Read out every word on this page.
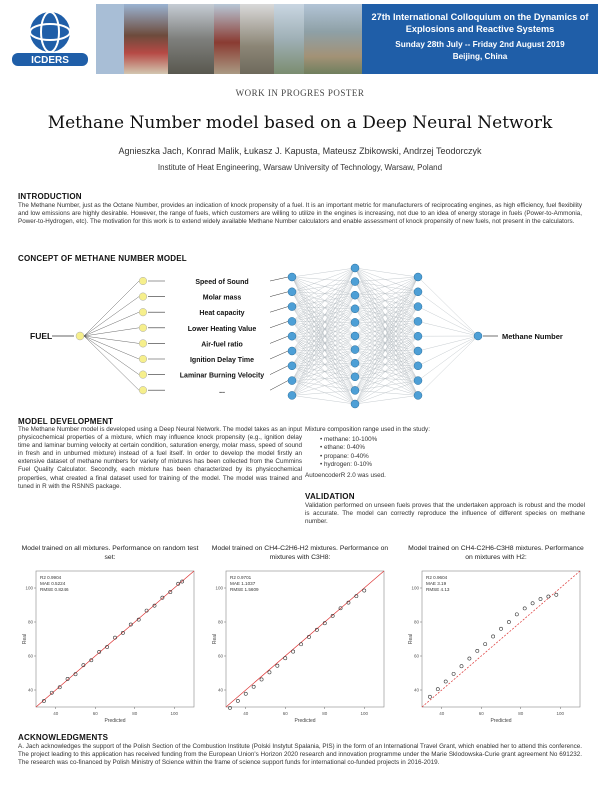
ICDERS
27th International Colloquium on the Dynamics of Explosions and Reactive Systems
Sunday 28th July -- Friday 2nd August 2019
Beijing, China
WORK IN PROGRES POSTER
Methane Number model based on a Deep Neural Network
Agnieszka Jach, Konrad Malik, Łukasz J. Kapusta, Mateusz Zbikowski, Andrzej Teodorczyk
Institute of Heat Engineering, Warsaw University of Technology, Warsaw, Poland
INTRODUCTION
The Methane Number, just as the Octane Number, provides an indication of knock propensity of a fuel. It is an important metric for manufacturers of reciprocating engines, as high efficiency, fuel flexibility and low emissions are highly desirable. However, the range of fuels, which customers are willing to utilize in the engines is increasing, not due to an idea of energy storage in fuels (Power-to-Ammonia, Power-to-Hydrogen, etc). The motivation for this work is to extend widely available Methane Number calculators and enable assessment of knock propensity of new fuels, not present in the calculators.
CONCEPT OF METHANE NUMBER MODEL
FUEL
Speed of Sound
Molar mass
Heat capacity
Lower Heating Value
Air-fuel ratio
Ignition Delay Time
Laminar Burning Velocity
...
Methane Number
MODEL DEVELOPMENT
The Methane Number model is developed using a Deep Neural Network. The model takes as an input physicochemical properties of a mixture, which may influence knock propensity (e.g., ignition delay time and laminar burning velocity at certain condition, saturation energy, molar mass, speed of sound in fresh and in unburned mixture) instead of a fuel itself. In order to develop the model firstly an extensive dataset of methane numbers for variety of mixtures has been collected from the Cummins Fuel Quality Calculator. Secondly, each mixture has been characterized by its physicochemical properties, what created a final dataset used for training of the model. The model was trained and tuned in R with the RSNNS package.
Mixture composition range used in the study:
• methane: 10-100%
• ethane: 0-40%
• propane: 0-40%
• hydrogen: 0-10%
AutoencoderR 2.0 was used.
VALIDATION
Validation performed on unseen fuels proves that the undertaken approach is robust and the model is accurate. The model can correctly reproduce the influence of different species on methane number.
Model trained on all mixtures. Performance on random test set:
40	60	80	100
40
60
80
100
Predicted
Real
R2 0.9904
MAE 0.5224
RMSE 0.8246
Model trained on CH4-C2H6-H2 mixtures. Performance on mixtures with C3H8:
40	60	80	100
40
60
80
100
Predicted
Real
R2 0.9701
MAE 1.1037
RMSE 1.5609
Model trained on CH4-C2H6-C3H8 mixtures. Performance on mixtures with H2:
40	60	80	100
40
60
80
100
Predicted
Real
R2 0.9604
MAE 3.19
RMSE 4.13
ACKNOWLEDGMENTS
A. Jach acknowledges the support of the Polish Section of the Combustion Institute (Polski Instytut Spalania, PIS) in the form of an International Travel Grant, which enabled her to attend this conference. The project leading to this application has received funding from the European Union's Horizon 2020 research and innovation programme under the Marie Sklodowska-Curie grant agreement No 691232. The research was co-financed by Polish Ministry of Science within the frame of science support funds for international co-funded projects in 2016-2019.
